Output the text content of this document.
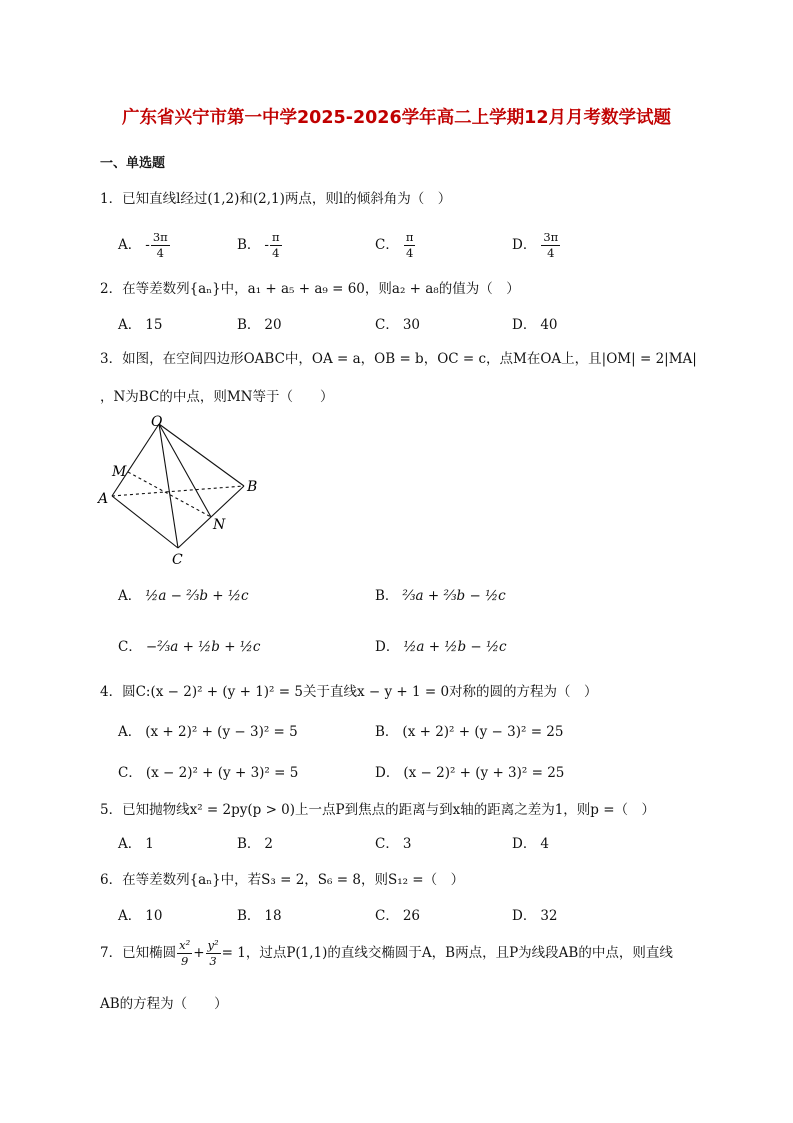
广东省兴宁市第一中学2025-2026学年高二上学期12月月考数学试题
一、单选题
1．已知直线l经过(1,2)和(2,1)两点，则l的倾斜角为（　）
A． - $\frac{3\pi}{4}$	B． - $\frac{\pi}{4}$	C． $\frac{\pi}{4}$	D． $\frac{3\pi}{4}$
2．在等差数列{aₙ}中，a₁ + a₅ + a₉ = 60，则a₂ + a₈的值为（　）
A． 15	B． 20	C． 30	D． 40
3．如图，在空间四边形OABC中，OA = a，OB = b，OC = c，点M在OA上，且|OM| = 2|MA|
，N为BC的中点，则MN等于（　　）
O
M
A
B
C
N
A． ½a − ⅔b + ½c	B． ⅔a + ⅔b − ½c
C． −⅔a + ½b + ½c	D． ½a + ½b − ½c
4．圆C:(x − 2)² + (y + 1)² = 5关于直线x − y + 1 = 0对称的圆的方程为（　）
A． (x + 2)² + (y − 3)² = 5	B． (x + 2)² + (y − 3)² = 25
C． (x − 2)² + (y + 3)² = 5	D． (x − 2)² + (y + 3)² = 25
5．已知抛物线x² = 2py(p > 0)上一点P到焦点的距离与到x轴的距离之差为1，则p =（　）
A． 1	B． 2	C． 3	D． 4
6．在等差数列{aₙ}中，若S₃ = 2，S₆ = 8，则S₁₂ =（　）
A． 10	B． 18	C． 26	D． 32
7．已知椭圆 $\frac{\text{x²}}{9} + \frac{\text{y²}}{3} = 1$，过点P(1,1)的直线交椭圆于A，B两点，且P为线段AB的中点，则直线
AB的方程为（　　）
